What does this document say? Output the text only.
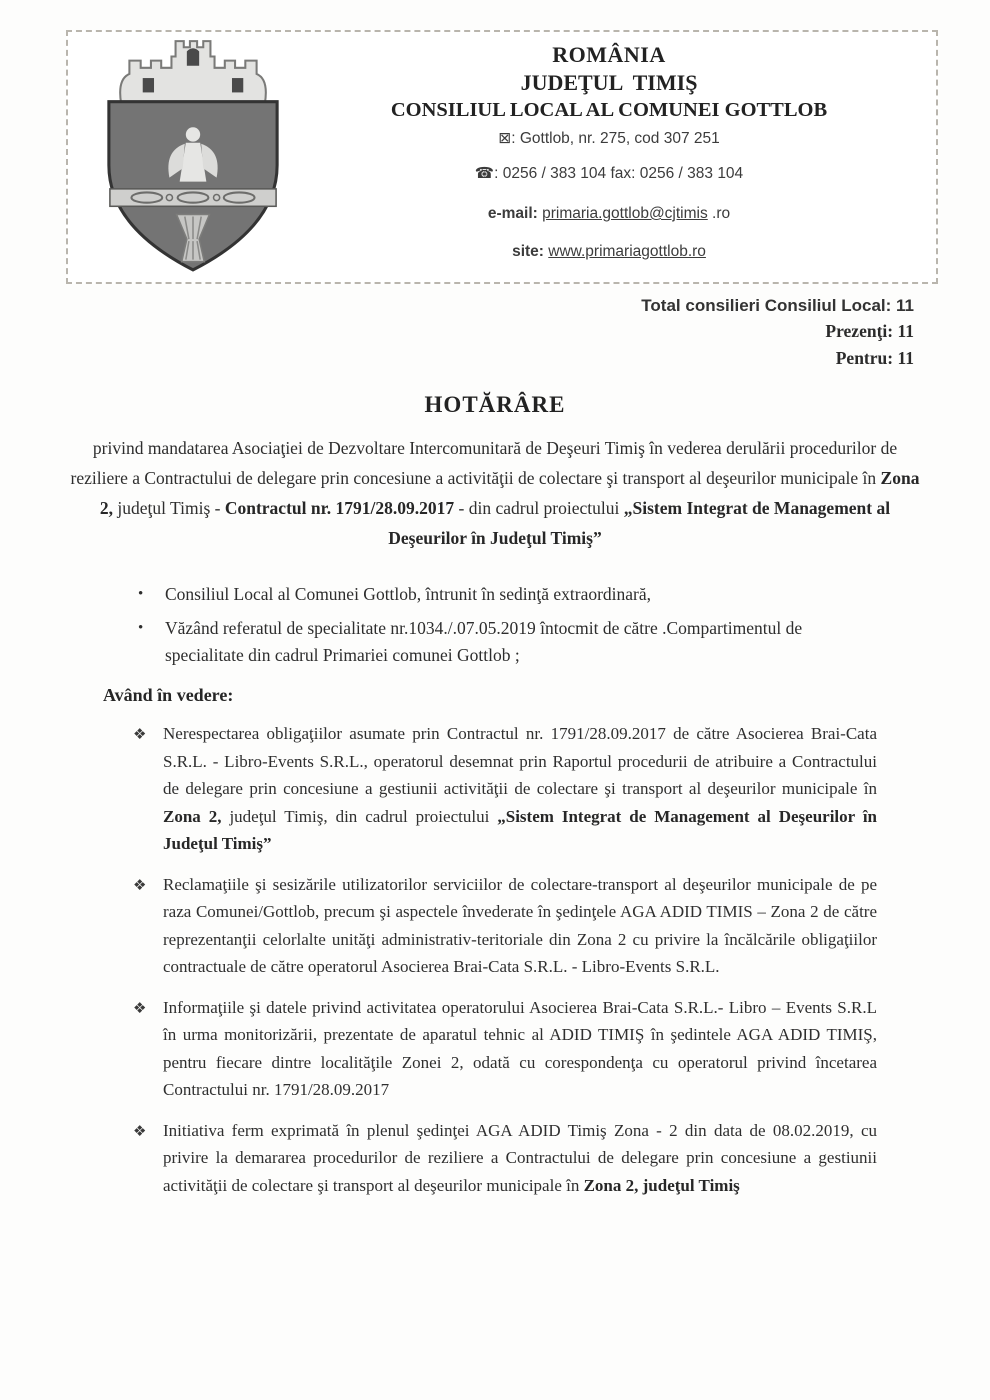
ROMÂNIA
JUDEŢUL  TIMIŞ
CONSILIUL LOCAL AL COMUNEI GOTTLOB
⊠: Gottlob, nr. 275, cod 307 251
☎: 0256 / 383 104 fax: 0256 / 383 104
e-mail: primaria.gottlob@cjtimis .ro
site: www.primariagottlob.ro
Total consilieri Consiliul Local: 11
Prezenţi: 11
Pentru: 11
HOTĂRÂRE

privind mandatarea Asociaţiei de Dezvoltare Intercomunitară de Deşeuri Timiş în vederea derulării procedurilor de reziliere a Contractului de delegare prin concesiune a activităţii de colectare şi transport al deşeurilor municipale în Zona 2, judeţul Timiş - Contractul nr. 1791/28.09.2017 - din cadrul proiectului „Sistem Integrat de Management al Deşeurilor în Judeţul Timiş”

• Consiliul Local al Comunei Gottlob, întrunit în sedinţă extraordinară,
• Văzând referatul de specialitate nr.1034./.07.05.2019 întocmit de către .Compartimentul de specialitate din cadrul Primariei comunei Gottlob ;
Având în vedere:
❖ Nerespectarea obligaţiilor asumate prin Contractul nr. 1791/28.09.2017 de către Asocierea Brai-Cata S.R.L. - Libro-Events S.R.L., operatorul desemnat prin Raportul procedurii de atribuire a Contractului de delegare prin concesiune a gestiunii activităţii de colectare şi transport al deşeurilor municipale în Zona 2, judeţul Timiş, din cadrul proiectului „Sistem Integrat de Management al Deşeurilor în Judeţul Timiş”
❖ Reclamaţiile şi sesizările utilizatorilor serviciilor de colectare-transport al deşeurilor municipale de pe raza Comunei/Gottlob, precum şi aspectele învederate în şedinţele AGA ADID TIMIS – Zona 2 de către reprezentanţii celorlalte unităţi administrativ-teritoriale din Zona 2 cu privire la încălcările obligaţiilor contractuale de către operatorul Asocierea Brai-Cata S.R.L. - Libro-Events S.R.L.
❖ Informaţiile şi datele privind activitatea operatorului Asocierea Brai-Cata S.R.L.- Libro – Events S.R.L în urma monitorizării, prezentate de aparatul tehnic al ADID TIMIŞ în şedintele AGA ADID TIMIŞ, pentru fiecare dintre localităţile Zonei 2, odată cu corespondenţa cu operatorul privind încetarea Contractului nr. 1791/28.09.2017
❖ Initiativa ferm exprimată în plenul şedinţei AGA ADID Timiş Zona - 2 din data de 08.02.2019, cu privire la demararea procedurilor de reziliere a Contractului de delegare prin concesiune a gestiunii activităţii de colectare şi transport al deşeurilor municipale în Zona 2, judeţul Timiş
